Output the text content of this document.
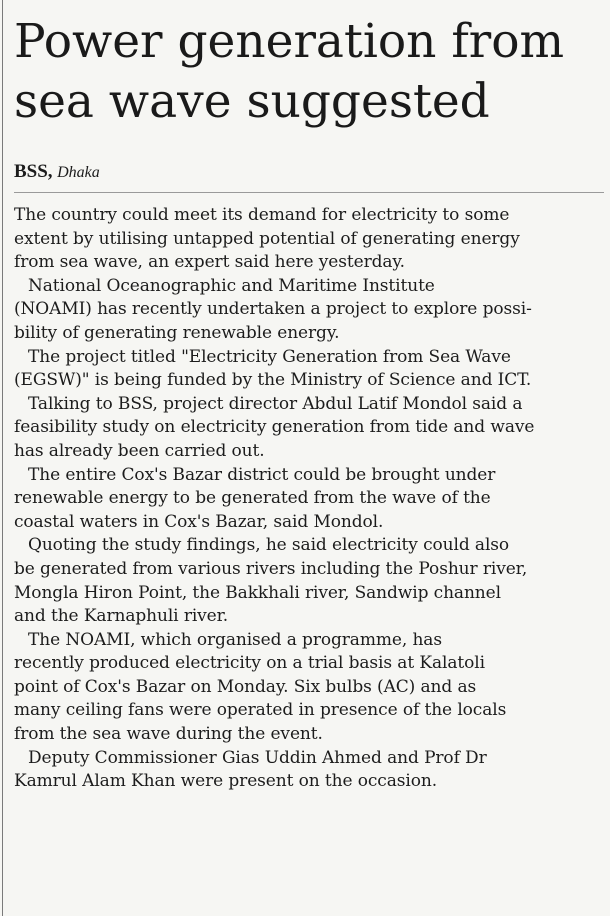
Power generation from
sea wave suggested
BSS, Dhaka
The country could meet its demand for electricity to some
extent by utilising untapped potential of generating energy
from sea wave, an expert said here yesterday.
National Oceanographic and Maritime Institute
(NOAMI) has recently undertaken a project to explore possi-
bility of generating renewable energy.
The project titled "Electricity Generation from Sea Wave
(EGSW)" is being funded by the Ministry of Science and ICT.
Talking to BSS, project director Abdul Latif Mondol said a
feasibility study on electricity generation from tide and wave
has already been carried out.
The entire Cox's Bazar district could be brought under
renewable energy to be generated from the wave of the
coastal waters in Cox's Bazar, said Mondol.
Quoting the study findings, he said electricity could also
be generated from various rivers including the Poshur river,
Mongla Hiron Point, the Bakkhali river, Sandwip channel
and the Karnaphuli river.
The NOAMI, which organised a programme, has
recently produced electricity on a trial basis at Kalatoli
point of Cox's Bazar on Monday. Six bulbs (AC) and as
many ceiling fans were operated in presence of the locals
from the sea wave during the event.
Deputy Commissioner Gias Uddin Ahmed and Prof Dr
Kamrul Alam Khan were present on the occasion.
